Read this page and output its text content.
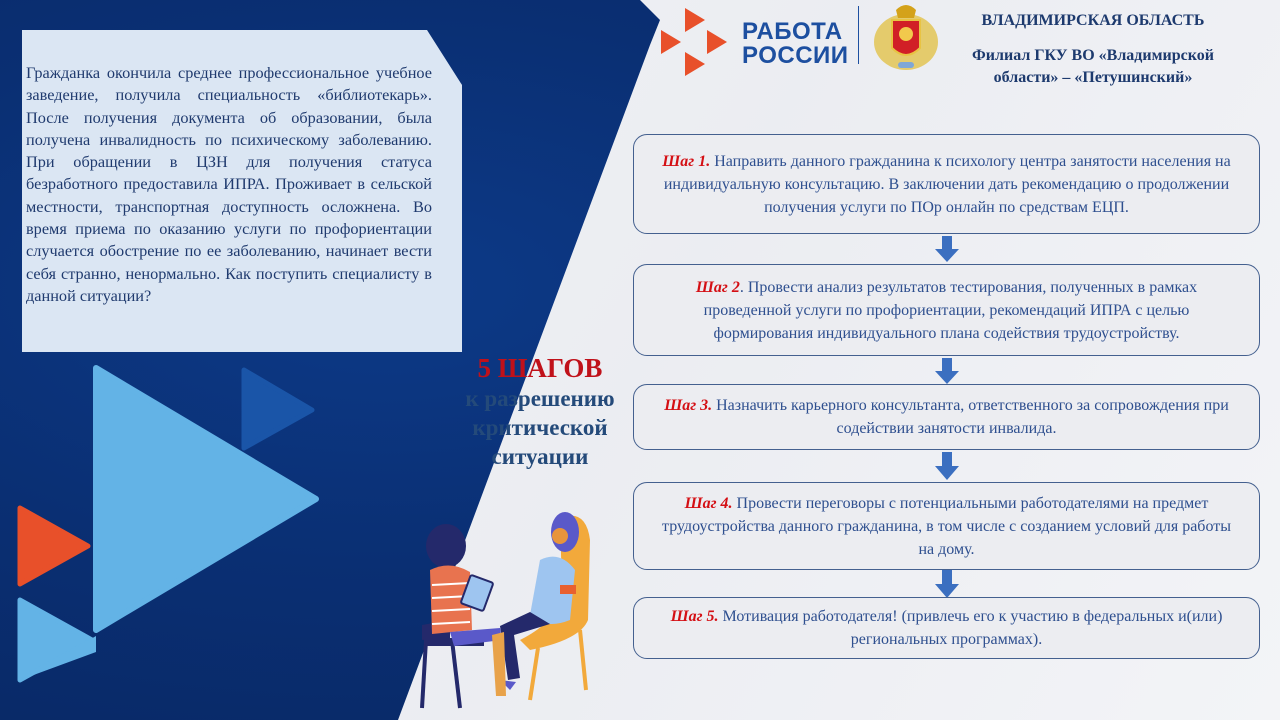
Гражданка окончила среднее профессиональное учебное заведение, получила специальность «библиотекарь». После получения документа об образовании, была получена инвалидность по психическому заболеванию. При обращении в ЦЗН для получения статуса безработного предоставила ИПРА. Проживает в сельской местности, транспортная доступность осложнена. Во время приема по оказанию услуги по профориентации случается обострение по ее заболеванию, начинает вести себя странно, ненормально. Как поступить специалисту в данной ситуации?
РАБОТА
РОССИИ
ВЛАДИМИРСКАЯ ОБЛАСТЬ
Филиал ГКУ ВО «Владимирской
области» – «Петушинский»
5 ШАГОВ
к разрешению
критической
ситуации
Шаг 1. Направить данного гражданина к психологу центра занятости населения на индивидуальную консультацию. В заключении дать рекомендацию о продолжении получения услуги по ПОр онлайн по средствам ЕЦП.
Шаг 2. Провести анализ результатов тестирования, полученных в рамках проведенной услуги по профориентации, рекомендаций ИПРА с целью формирования индивидуального плана содействия трудоустройству.
Шаг 3. Назначить карьерного консультанта, ответственного за сопровождения при содействии занятости инвалида.
Шаг 4. Провести переговоры с потенциальными работодателями на предмет трудоустройства данного гражданина, в том числе с созданием условий для работы на дому.
Шаг 5. Мотивация работодателя! (привлечь его к участию в федеральных и(или) региональных программах).
